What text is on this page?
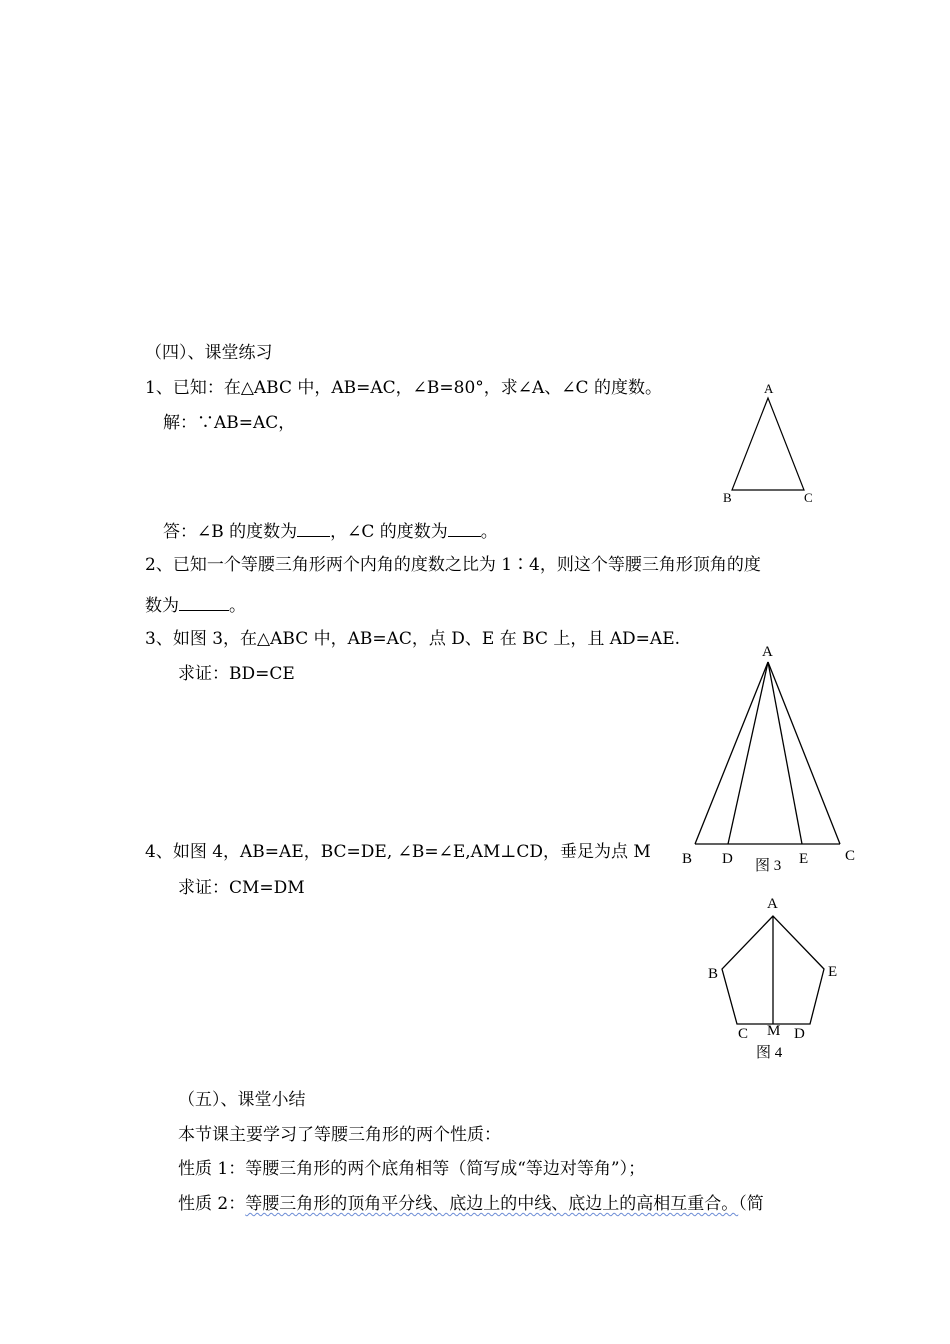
（四）、课堂练习
1、已知：在△ABC 中，AB=AC，∠B=80°，求∠A、∠C 的度数。
解：∵AB=AC，
A
B	C
答：∠B 的度数为 ，∠C 的度数为 。
2、已知一个等腰三角形两个内角的度数之比为 1∶4，则这个等腰三角形顶角的度
数为	。
3、如图 3，在△ABC 中，AB=AC，点 D、E 在 BC 上，且 AD=AE.
求证：BD=CE
A
B D	E C
图 3
4、如图 4，AB=AE，BC=DE, ∠B=∠E,AM⊥CD，垂足为点 M
求证：CM=DM
A
B	E
C M D
图 4
（五）、课堂小结
本节课主要学习了等腰三角形的两个性质：
性质 1：等腰三角形的两个底角相等（简写成“等边对等角”）；
性质 2：等腰三角形的顶角平分线、底边上的中线、底边上的高相互重合。（简
